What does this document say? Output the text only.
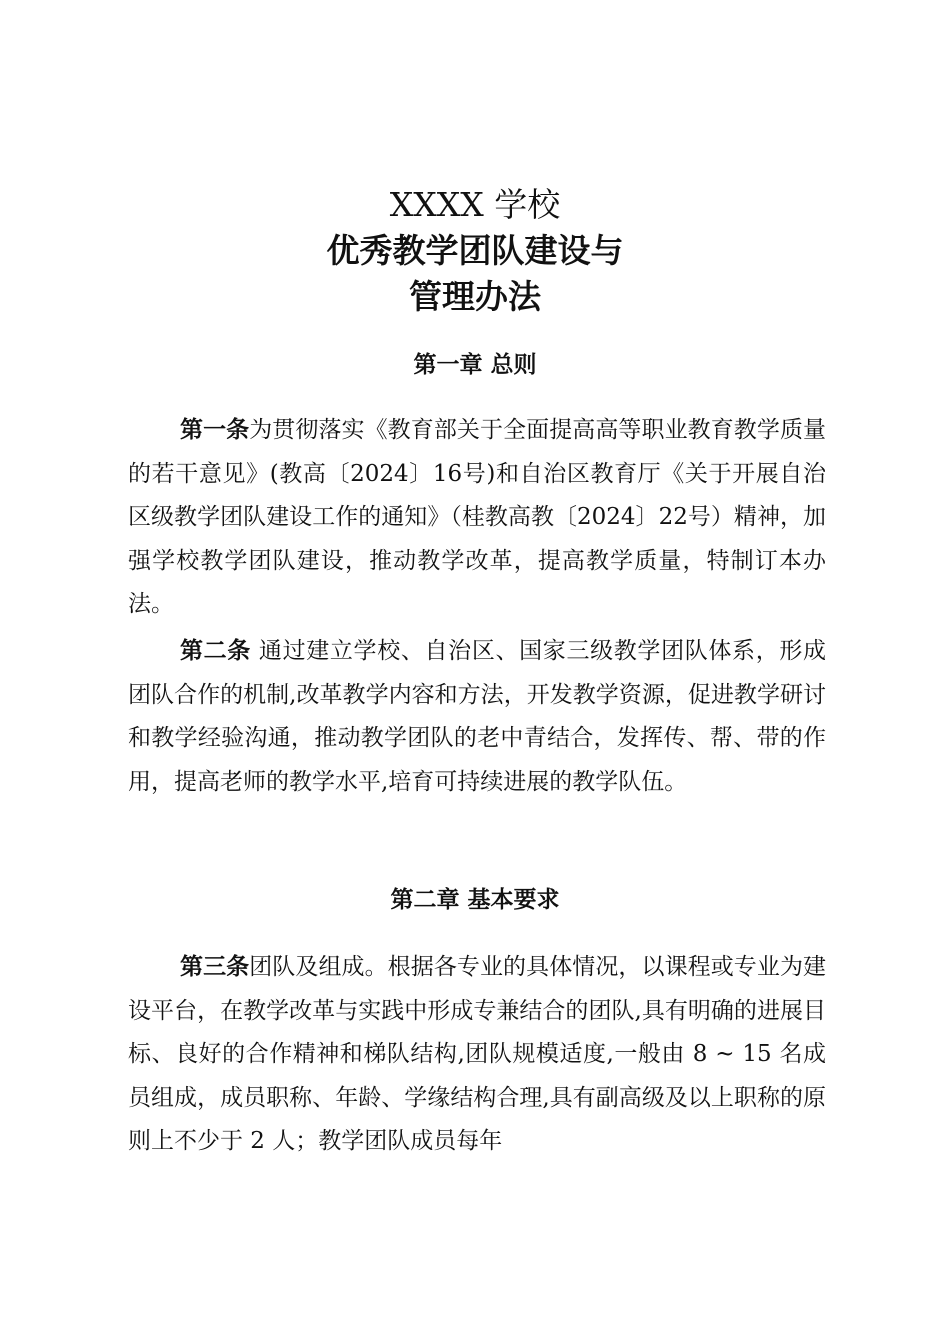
XXXX 学校
优秀教学团队建设与
管理办法
第一章 总则

第一条为贯彻落实《教育部关于全面提高高等职业教育教学质量的若干意见》(教高〔2024〕16号)和自治区教育厅《关于开展自治区级教学团队建设工作的通知》（桂教高教〔2024〕22号）精神，加强学校教学团队建设，推动教学改革，提高教学质量，特制订本办法。

第二条 通过建立学校、自治区、国家三级教学团队体系，形成团队合作的机制,改革教学内容和方法，开发教学资源，促进教学研讨和教学经验沟通，推动教学团队的老中青结合，发挥传、帮、带的作用，提高老师的教学水平,培育可持续进展的教学队伍。

第二章 基本要求

第三条团队及组成。根据各专业的具体情况，以课程或专业为建设平台，在教学改革与实践中形成专兼结合的团队,具有明确的进展目标、良好的合作精神和梯队结构,团队规模适度,一般由 8 ~ 15 名成员组成，成员职称、年龄、学缘结构合理,具有副高级及以上职称的原则上不少于 2 人；教学团队成员每年
